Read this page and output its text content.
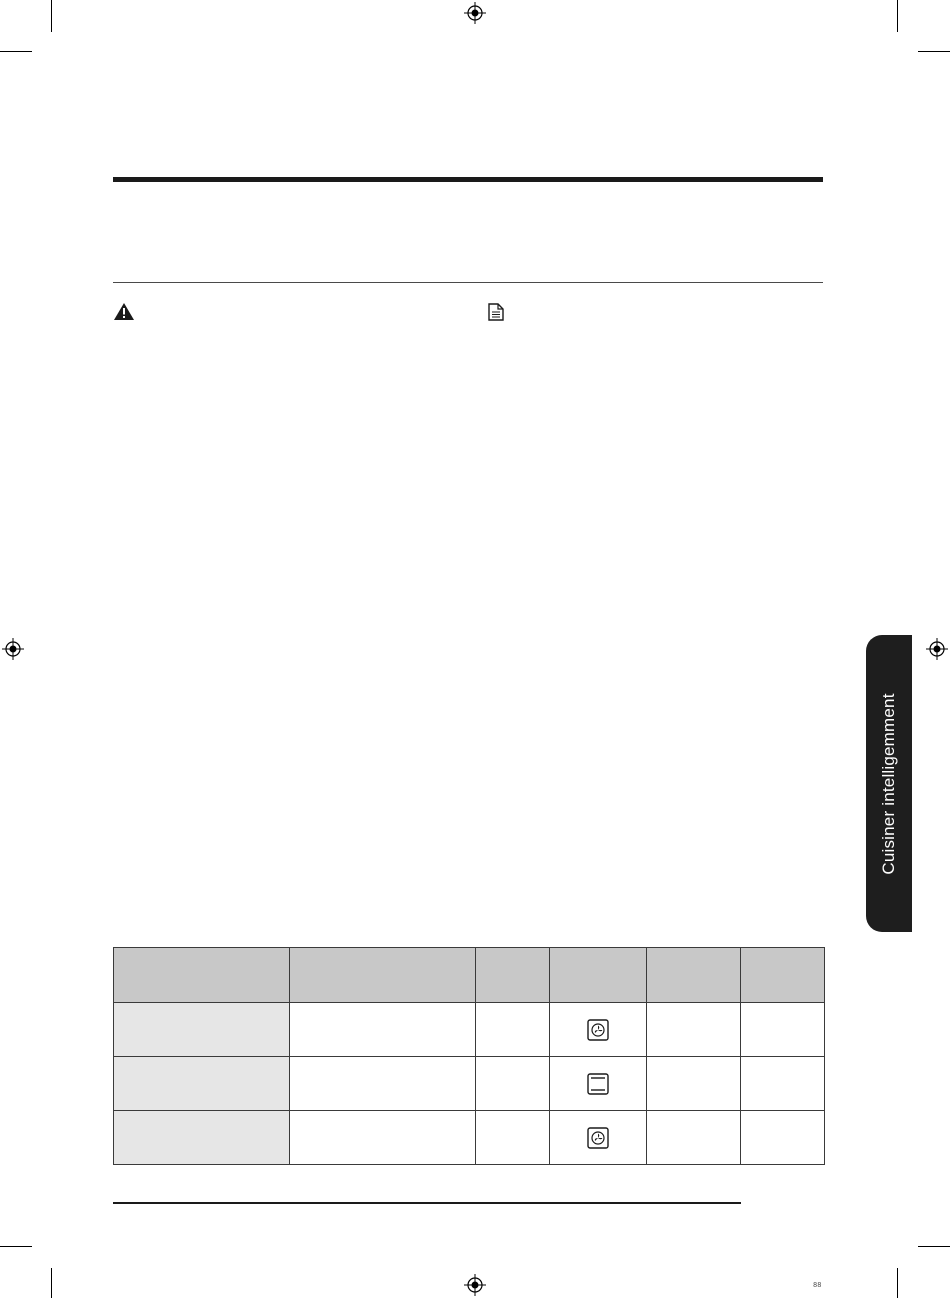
Cuisiner intelligemment

88
